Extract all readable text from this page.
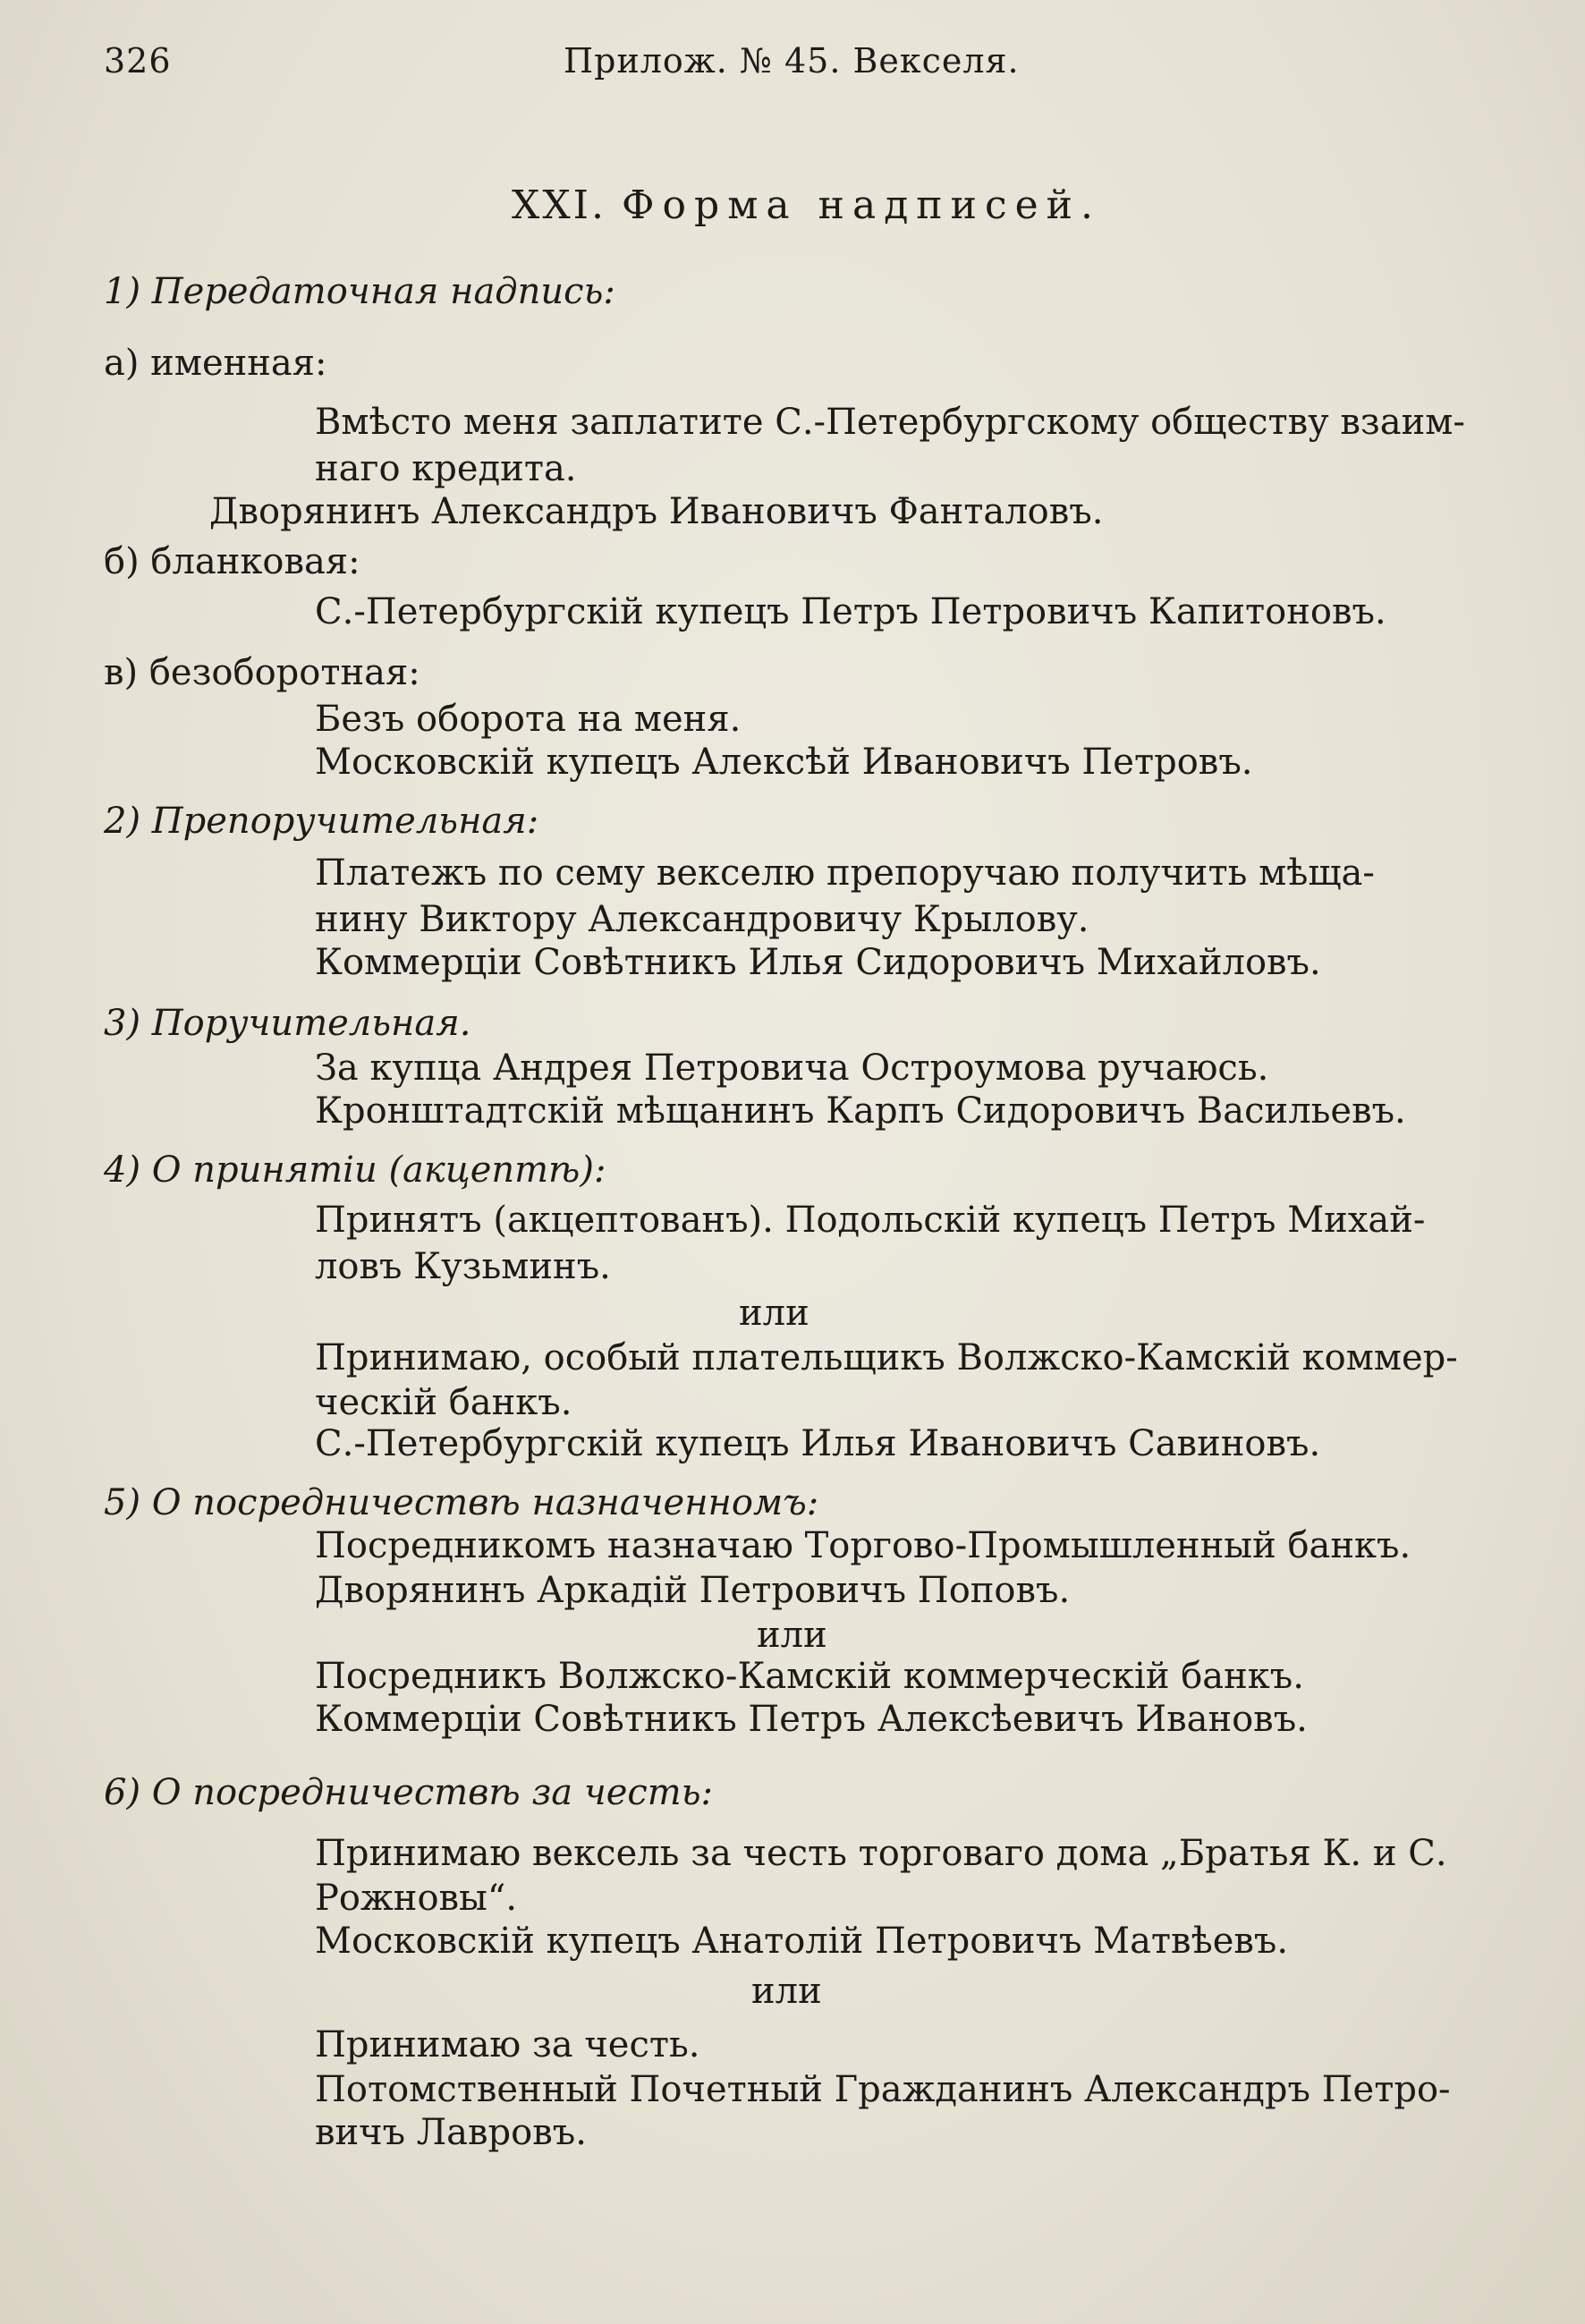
326	Прилож. № 45. Векселя.
XXI. Форма надписей.
1) Передаточная надпись:
а) именная:
Вмѣсто меня заплатите С.-Петербургскому обществу взаим-
наго кредита.
Дворянинъ Александръ Ивановичъ Фанталовъ.
б) бланковая:
С.-Петербургскій купецъ Петръ Петровичъ Капитоновъ.
в) безоборотная:
Безъ оборота на меня.
Московскій купецъ Алексѣй Ивановичъ Петровъ.
2) Препоручительная:
Платежъ по сему векселю препоручаю получить мѣща-
нину Виктору Александровичу Крылову.
Коммерціи Совѣтникъ Илья Сидоровичъ Михайловъ.
3) Поручительная.
За купца Андрея Петровича Остроумова ручаюсь.
Кронштадтскій мѣщанинъ Карпъ Сидоровичъ Васильевъ.
4) О принятіи (акцептѣ):
Принятъ (акцептованъ). Подольскій купецъ Петръ Михай-
ловъ Кузьминъ.
или
Принимаю, особый плательщикъ Волжско-Камскій коммер-
ческій банкъ.
С.-Петербургскій купецъ Илья Ивановичъ Савиновъ.
5) О посредничествѣ назначенномъ:
Посредникомъ назначаю Торгово-Промышленный банкъ.
Дворянинъ Аркадій Петровичъ Поповъ.
или
Посредникъ Волжско-Камскій коммерческій банкъ.
Коммерціи Совѣтникъ Петръ Алексѣевичъ Ивановъ.
6) О посредничествѣ за честь:
Принимаю вексель за честь торговаго дома „Братья К. и С.
Рожновы“.
Московскій купецъ Анатолій Петровичъ Матвѣевъ.
или
Принимаю за честь.
Потомственный Почетный Гражданинъ Александръ Петро-
вичъ Лавровъ.
